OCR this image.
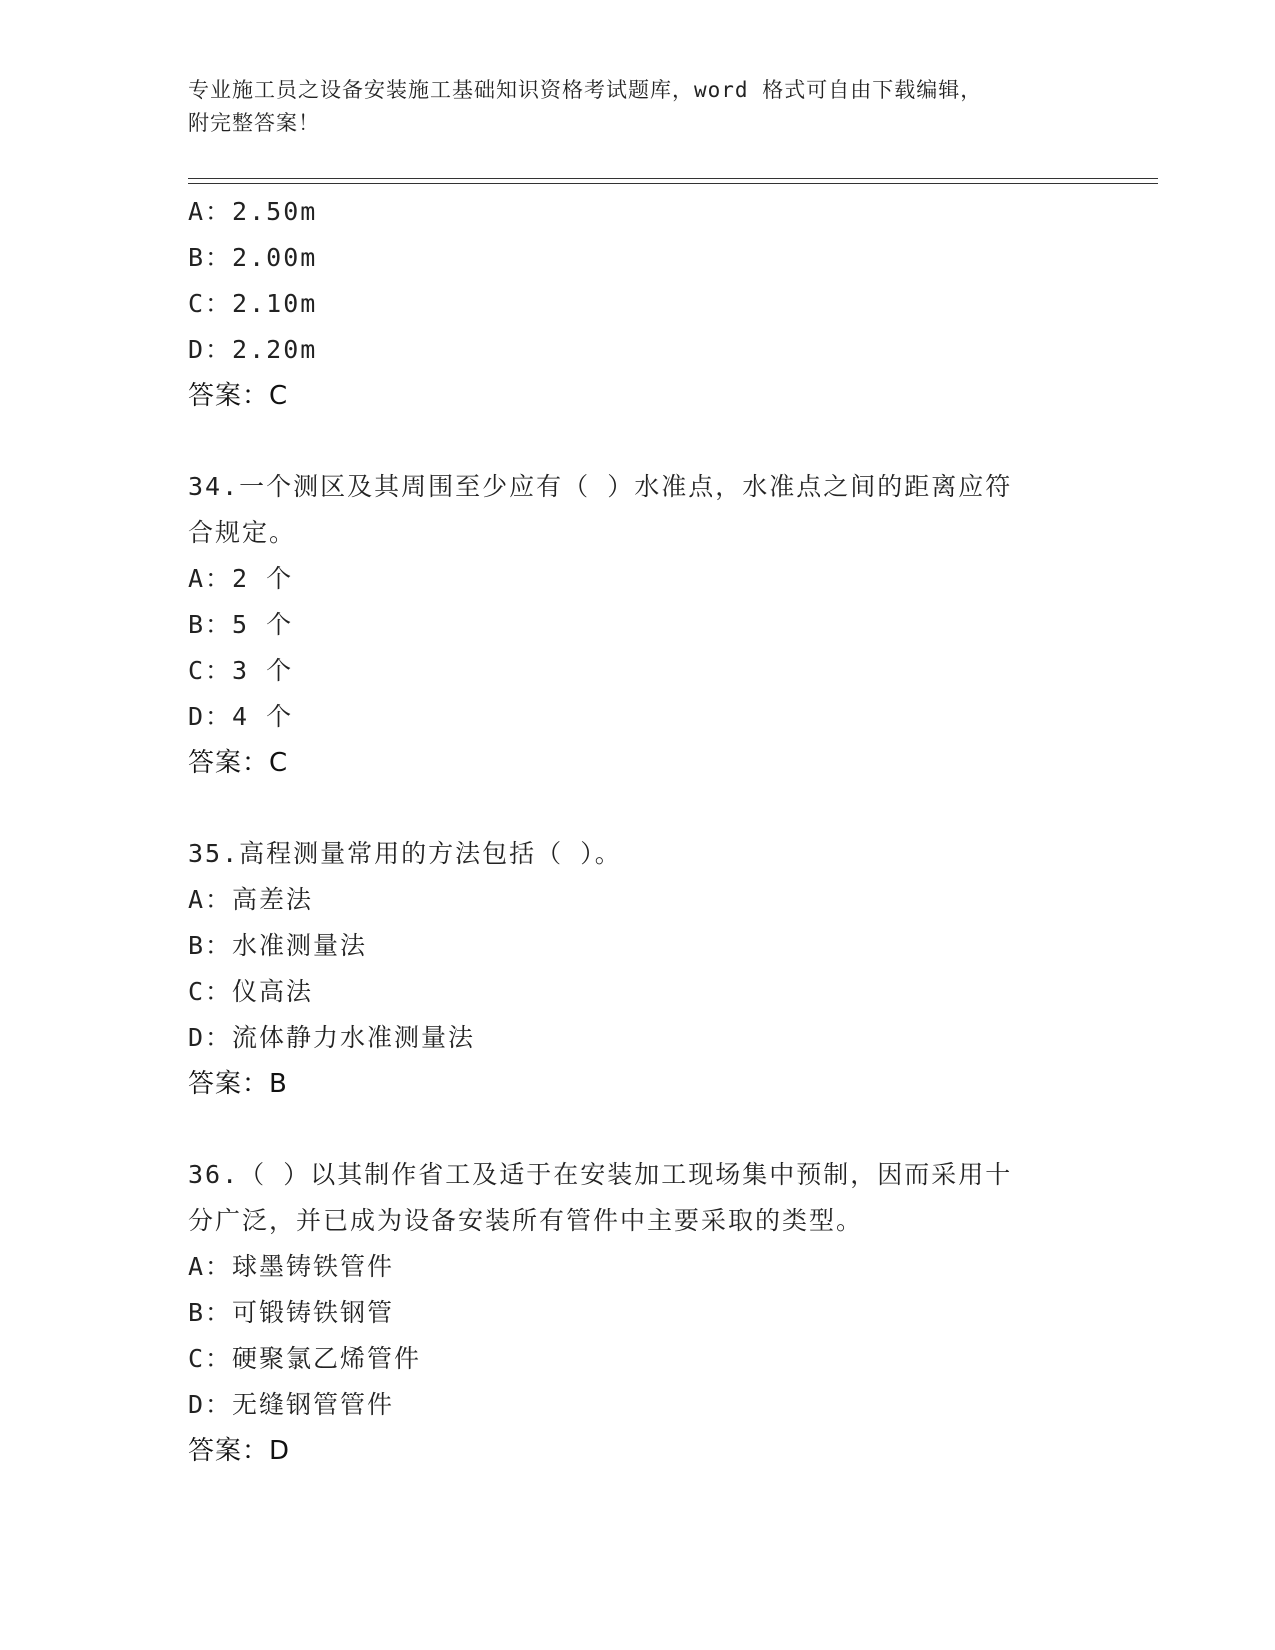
专业施工员之设备安装施工基础知识资格考试题库，word 格式可自由下载编辑，
附完整答案！
A：2.50m
B：2.00m
C：2.10m
D：2.20m
答案：C
34.一个测区及其周围至少应有（ ）水准点，水准点之间的距离应符
合规定。
A：2 个
B：5 个
C：3 个
D：4 个
答案：C
35.高程测量常用的方法包括（ ）。
A：高差法
B：水准测量法
C：仪高法
D：流体静力水准测量法
答案：B
36.（ ）以其制作省工及适于在安装加工现场集中预制，因而采用十
分广泛，并已成为设备安装所有管件中主要采取的类型。
A：球墨铸铁管件
B：可锻铸铁钢管
C：硬聚氯乙烯管件
D：无缝钢管管件
答案：D
